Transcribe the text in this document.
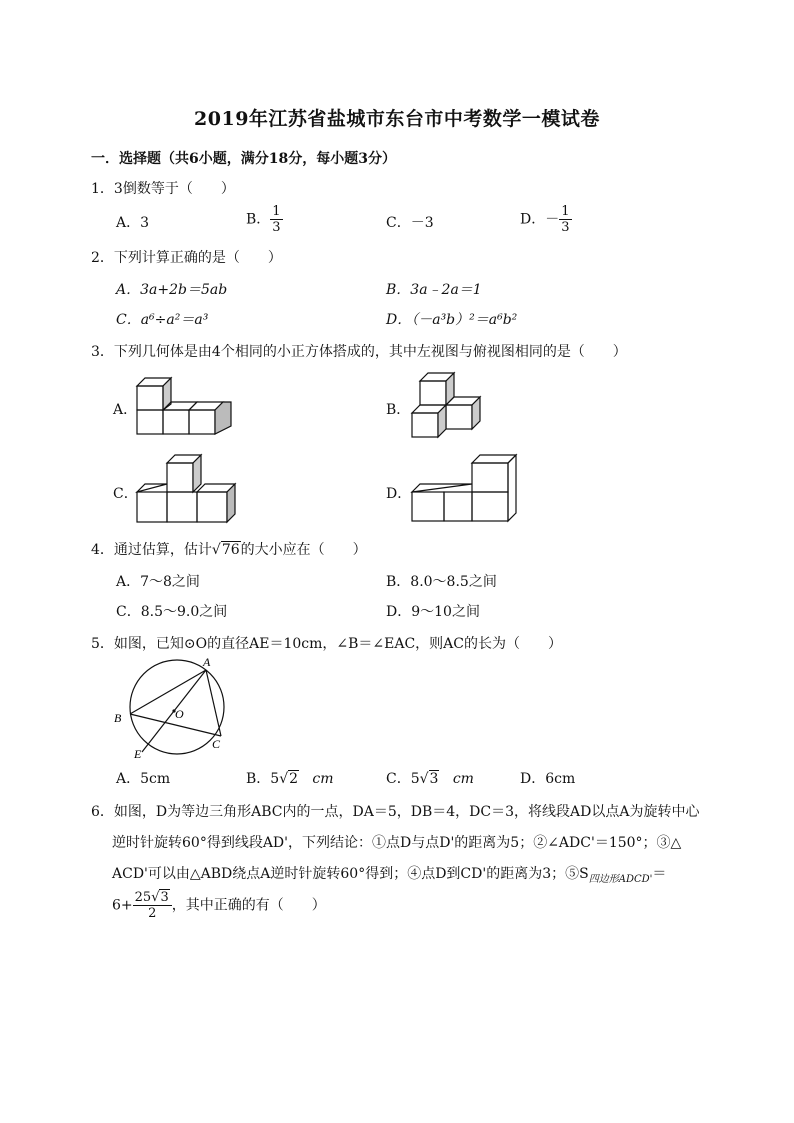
2019年江苏省盐城市东台市中考数学一模试卷
一．选择题（共6小题，满分18分，每小题3分）
1．3倒数等于（　　）
A．3	B． $\frac{1}{3}$	C．－3	D．－ $\frac{1}{3}$
2．下列计算正确的是（　　）
A．3a+2b＝5ab	B．3a﹣2a＝1
C．a⁶÷a²＝a³	D．（－a³b）²＝a⁶b²
3．下列几何体是由4个相同的小正方体搭成的，其中左视图与俯视图相同的是（　　）
A．	B．
C．	D．
4．通过估算，估计√76的大小应在（　　）
A．7～8之间	B．8.0～8.5之间
C．8.5～9.0之间	D．9～10之间
5．如图，已知⊙O的直径AE＝10cm，∠B＝∠EAC，则AC的长为（　　）
A
B
C
E
O
A．5cm	B．5√2 cm	C．5√3 cm	D．6cm
6．如图，D为等边三角形ABC内的一点，DA＝5，DB＝4，DC＝3，将线段AD以点A为旋转中心
逆时针旋转60°得到线段AD'，下列结论：①点D与点D'的距离为5；②∠ADC'＝150°；③△
ACD'可以由△ABD绕点A逆时针旋转60°得到；④点D到CD'的距离为3；$⑤S_{四边形ADCD'}=$
$6+ \frac{25√3}{2}$ ，其中正确的有（　　）
